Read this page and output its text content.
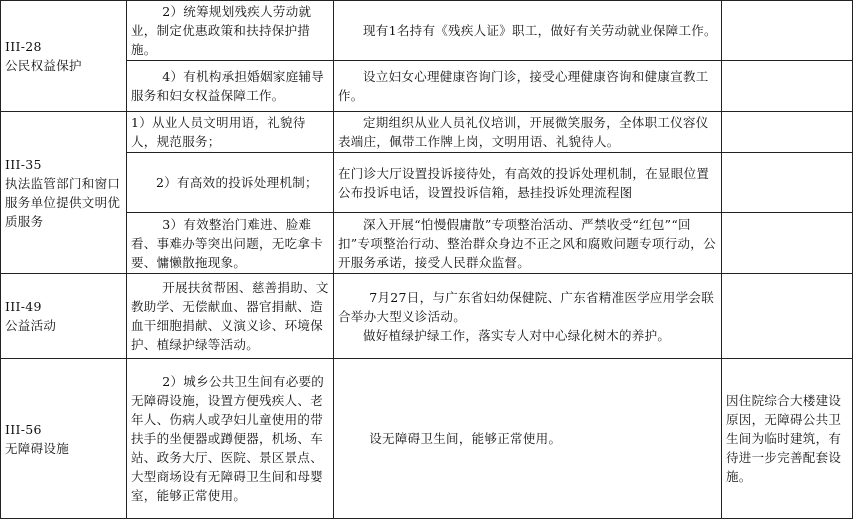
III-28
公民权益保护	2）统筹规划残疾人劳动就业，制定优惠政策和扶持保护措施。	现有1名持有《残疾人证》职工，做好有关劳动就业保障工作。	
	4）有机构承担婚姻家庭辅导服务和妇女权益保障工作。	设立妇女心理健康咨询门诊，接受心理健康咨询和健康宣教工作。	

III-35
执法监管部门和窗口服务单位提供文明优质服务	1）从业人员文明用语，礼貌待人，规范服务；	定期组织从业人员礼仪培训，开展微笑服务，全体职工仪容仪表端庄，佩带工作牌上岗，文明用语、礼貌待人。	
	2）有高效的投诉处理机制；	在门诊大厅设置投诉接待处，有高效的投诉处理机制，在显眼位置公布投诉电话，设置投诉信箱，悬挂投诉处理流程图	
	3）有效整治门难进、脸难看、事难办等突出问题，无吃拿卡要、慵懒散拖现象。	深入开展“怕慢假庸散”专项整治活动、严禁收受“红包”“回扣”专项整治行动、整治群众身边不正之风和腐败问题专项行动，公开服务承诺，接受人民群众监督。	

III-49
公益活动	开展扶贫帮困、慈善捐助、文教助学、无偿献血、器官捐献、造血干细胞捐献、义演义诊、环境保护、植绿护绿等活动。	7月27日，与广东省妇幼保健院、广东省精准医学应用学会联合举办大型义诊活动。
做好植绿护绿工作，落实专人对中心绿化树木的养护。	

III-56
无障碍设施	2）城乡公共卫生间有必要的无障碍设施，设置方便残疾人、老年人、伤病人或孕妇儿童使用的带扶手的坐便器或蹲便器，机场、车站、政务大厅、医院、景区景点、大型商场设有无障碍卫生间和母婴室，能够正常使用。	设无障碍卫生间，能够正常使用。	因住院综合大楼建设原因，无障碍公共卫生间为临时建筑，有待进一步完善配套设施。
